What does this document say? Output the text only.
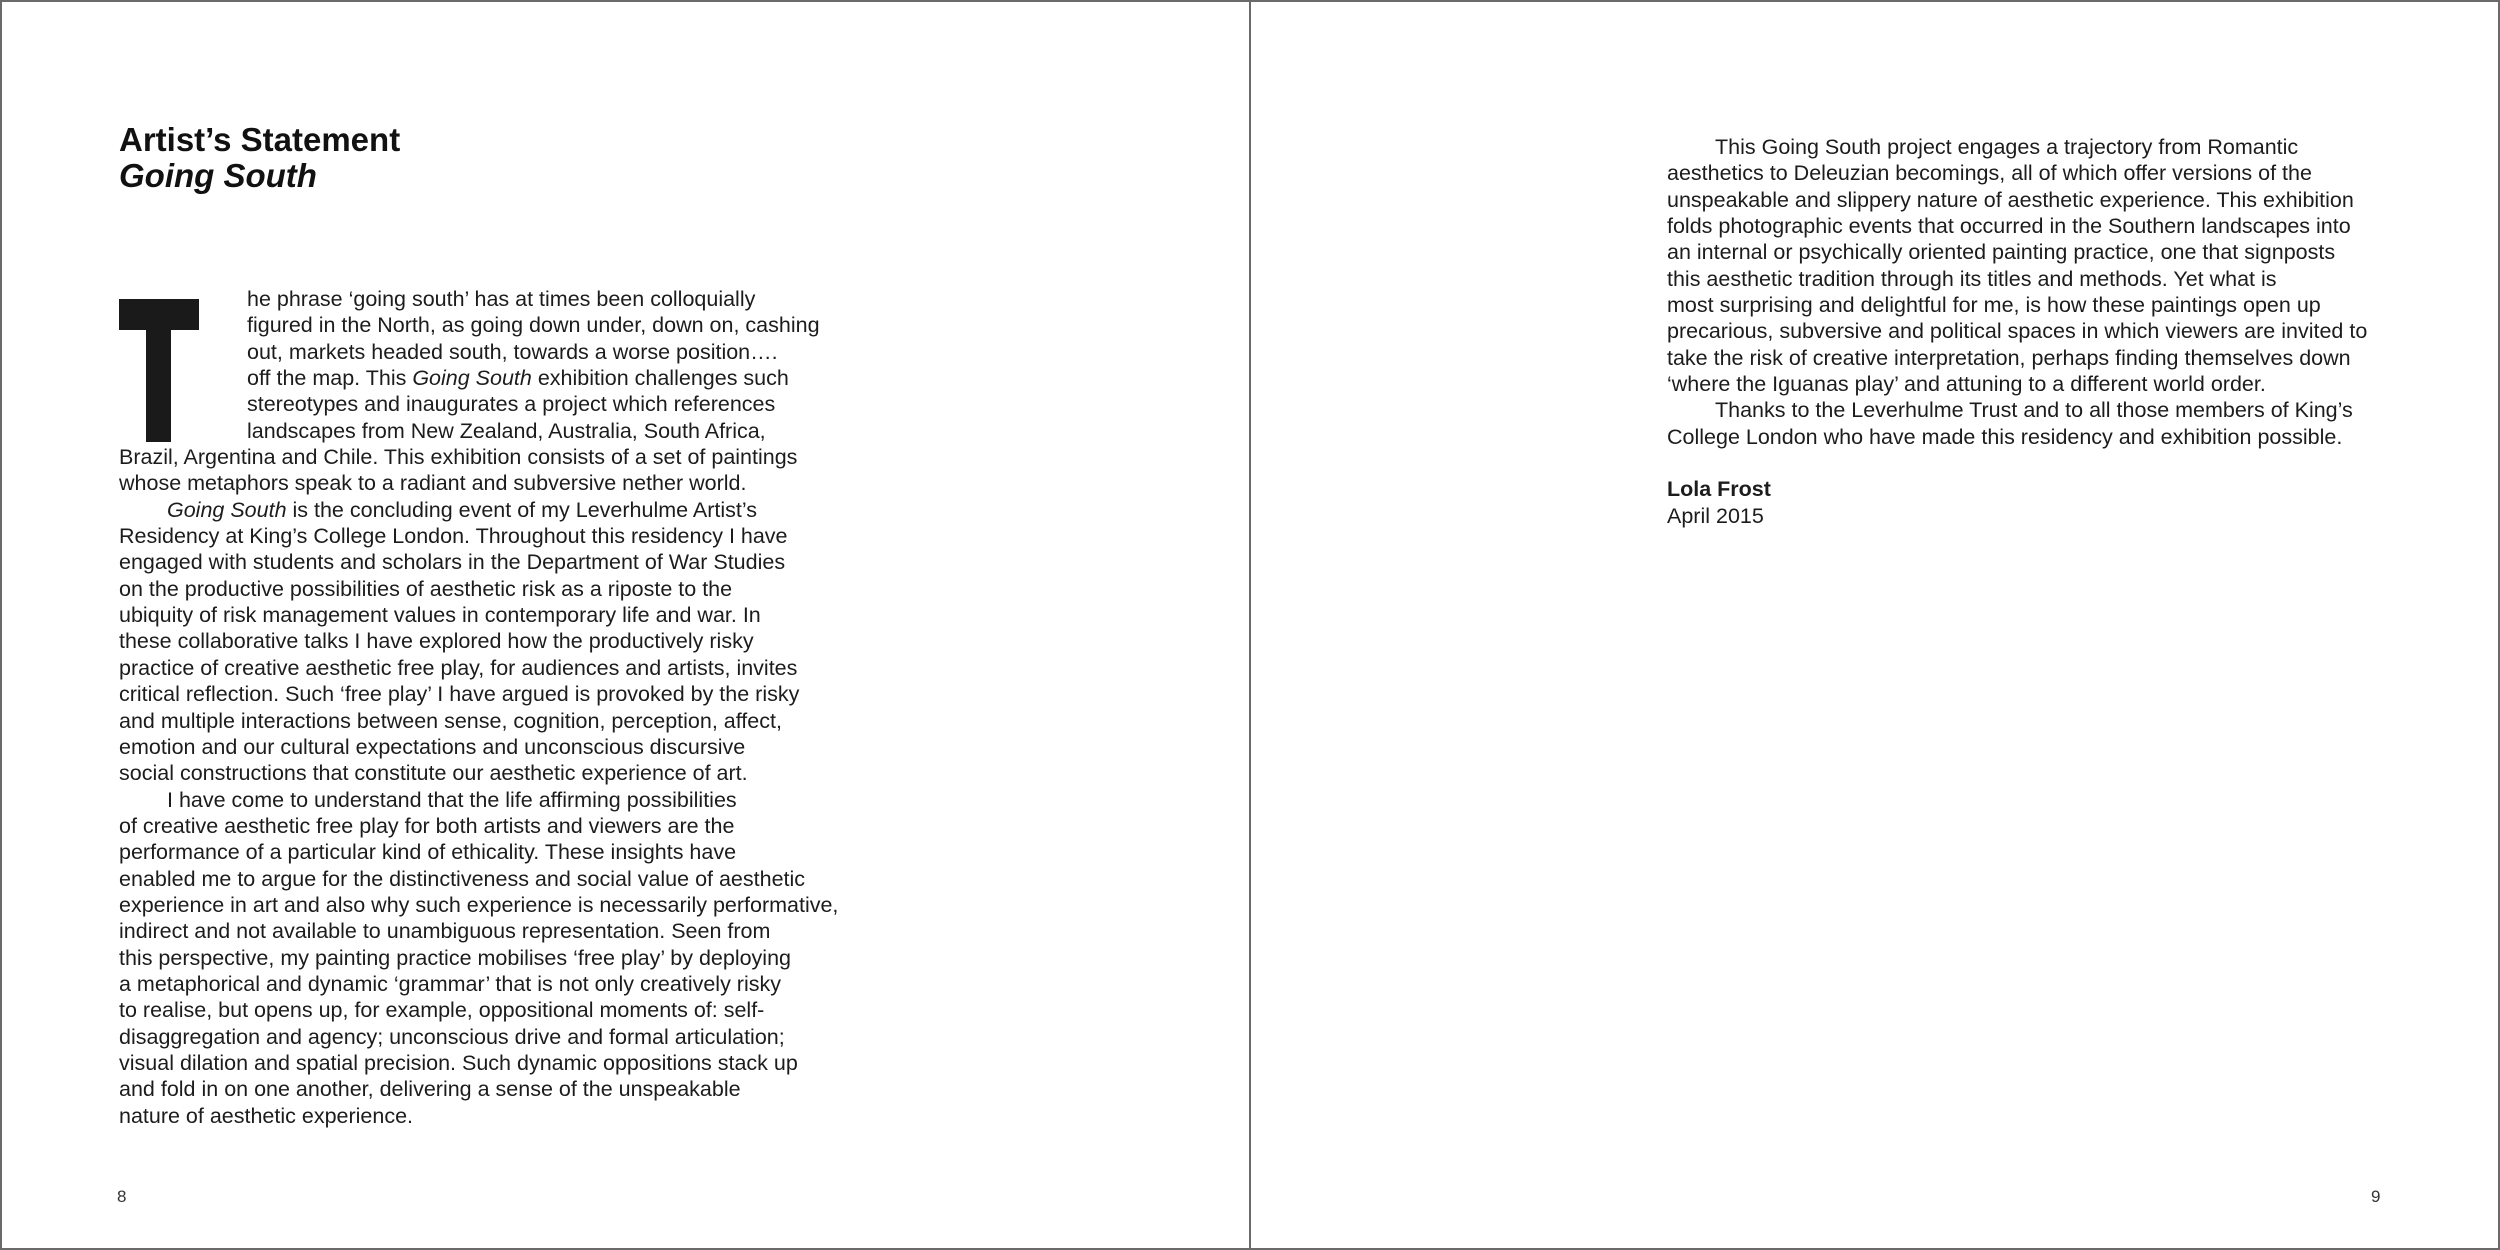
Artist’s Statement
Going South
he phrase ‘going south’ has at times been colloquially
figured in the North, as going down under, down on, cashing
out, markets headed south, towards a worse position….
off the map. This Going South exhibition challenges such
stereotypes and inaugurates a project which references
landscapes from New Zealand, Australia, South Africa,
Brazil, Argentina and Chile. This exhibition consists of a set of paintings
whose metaphors speak to a radiant and subversive nether world.
Going South is the concluding event of my Leverhulme Artist’s
Residency at King’s College London. Throughout this residency I have
engaged with students and scholars in the Department of War Studies
on the productive possibilities of aesthetic risk as a riposte to the
ubiquity of risk management values in contemporary life and war. In
these collaborative talks I have explored how the productively risky
practice of creative aesthetic free play, for audiences and artists, invites
critical reflection. Such ‘free play’ I have argued is provoked by the risky
and multiple interactions between sense, cognition, perception, affect,
emotion and our cultural expectations and unconscious discursive
social constructions that constitute our aesthetic experience of art.
I have come to understand that the life affirming possibilities
of creative aesthetic free play for both artists and viewers are the
performance of a particular kind of ethicality. These insights have
enabled me to argue for the distinctiveness and social value of aesthetic
experience in art and also why such experience is necessarily performative,
indirect and not available to unambiguous representation. Seen from
this perspective, my painting practice mobilises ‘free play’ by deploying
a metaphorical and dynamic ‘grammar’ that is not only creatively risky
to realise, but opens up, for example, oppositional moments of: self-
disaggregation and agency; unconscious drive and formal articulation;
visual dilation and spatial precision. Such dynamic oppositions stack up
and fold in on one another, delivering a sense of the unspeakable
nature of aesthetic experience.
8
This Going South project engages a trajectory from Romantic
aesthetics to Deleuzian becomings, all of which offer versions of the
unspeakable and slippery nature of aesthetic experience. This exhibition
folds photographic events that occurred in the Southern landscapes into
an internal or psychically oriented painting practice, one that signposts
this aesthetic tradition through its titles and methods. Yet what is
most surprising and delightful for me, is how these paintings open up
precarious, subversive and political spaces in which viewers are invited to
take the risk of creative interpretation, perhaps finding themselves down
‘where the Iguanas play’ and attuning to a different world order.
Thanks to the Leverhulme Trust and to all those members of King’s
College London who have made this residency and exhibition possible.
Lola Frost
April 2015
9
